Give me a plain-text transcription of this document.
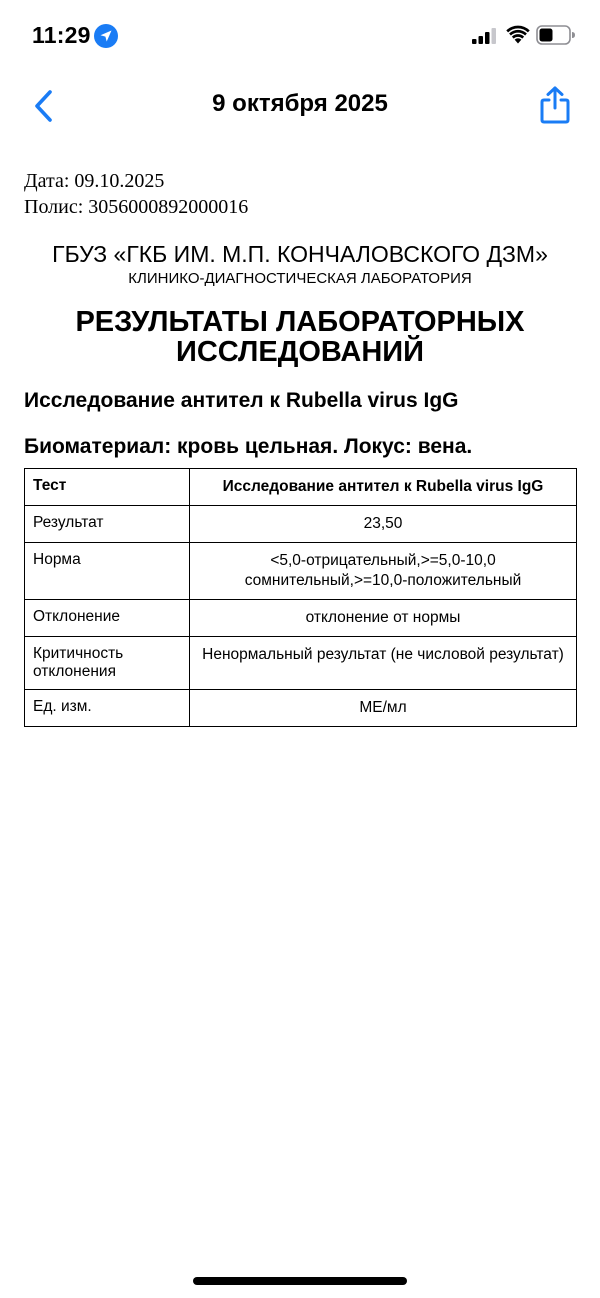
11:29
9 октября 2025
Дата: 09.10.2025
Полис: 3056000892000016
ГБУЗ «ГКБ ИМ. М.П. КОНЧАЛОВСКОГО ДЗМ»
КЛИНИКО-ДИАГНОСТИЧЕСКАЯ ЛАБОРАТОРИЯ
РЕЗУЛЬТАТЫ ЛАБОРАТОРНЫХ
ИССЛЕДОВАНИЙ
Исследование антител к Rubella virus IgG
Биоматериал: кровь цельная. Локус: вена.
Тест	Исследование антител к Rubella virus IgG
Результат	23,50
Норма	<5,0-отрицательный,>=5,0-10,0 сомнительный,>=10,0-положительный
Отклонение	отклонение от нормы
Критичность отклонения	Ненормальный результат (не числовой результат)
Ед. изм.	МЕ/мл
